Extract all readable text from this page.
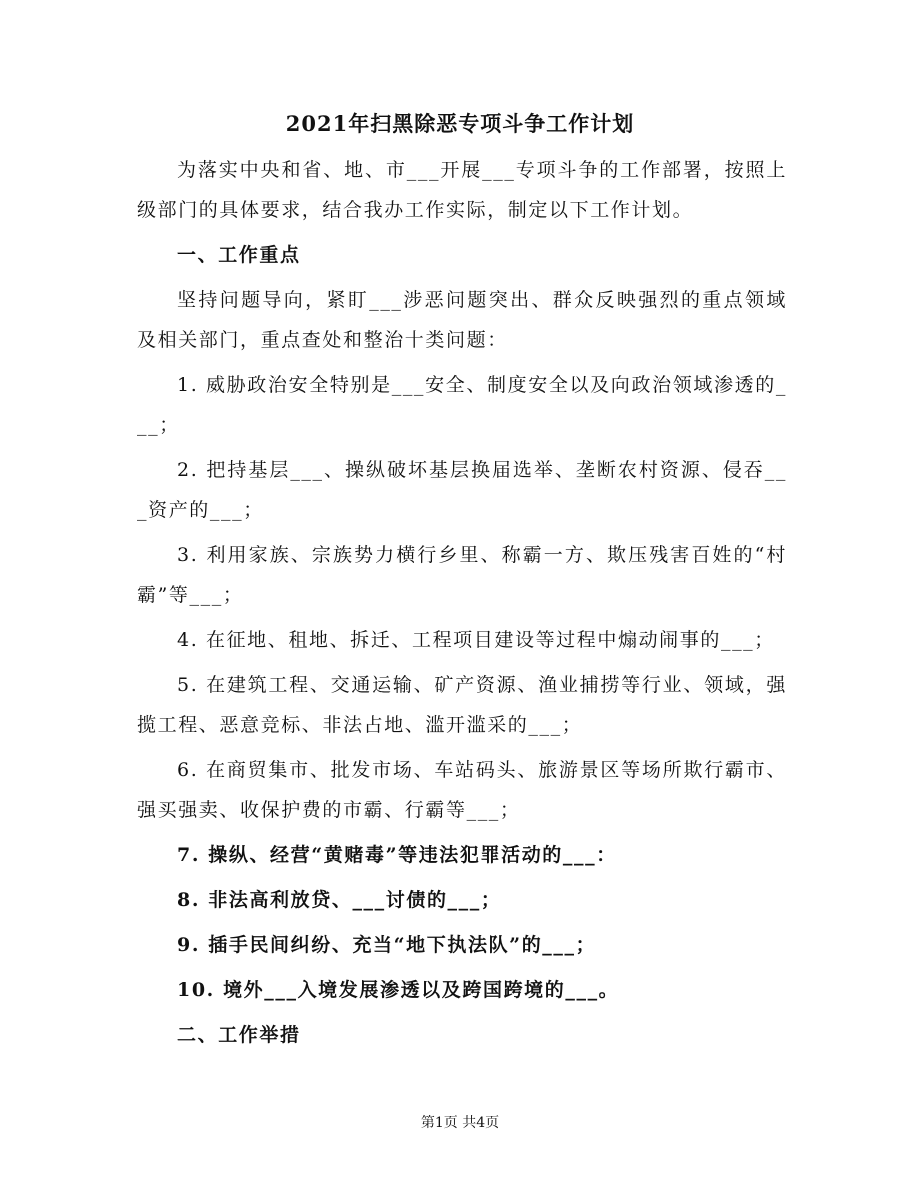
2021年扫黑除恶专项斗争工作计划

为落实中央和省、地、市___开展___专项斗争的工作部署，按照上级部门的具体要求，结合我办工作实际，制定以下工作计划。

一、工作重点

坚持问题导向，紧盯___涉恶问题突出、群众反映强烈的重点领域及相关部门，重点查处和整治十类问题：

1. 威胁政治安全特别是___安全、制度安全以及向政治领域渗透的___；

2. 把持基层___、操纵破坏基层换届选举、垄断农村资源、侵吞___资产的___；

3. 利用家族、宗族势力横行乡里、称霸一方、欺压残害百姓的“村霸”等___；

4. 在征地、租地、拆迁、工程项目建设等过程中煽动闹事的___；

5. 在建筑工程、交通运输、矿产资源、渔业捕捞等行业、领域，强揽工程、恶意竞标、非法占地、滥开滥采的___；

6. 在商贸集市、批发市场、车站码头、旅游景区等场所欺行霸市、强买强卖、收保护费的市霸、行霸等___；

7. 操纵、经营“黄赌毒”等违法犯罪活动的___：

8. 非法高利放贷、___讨债的___；

9. 插手民间纠纷、充当“地下执法队”的___；

10. 境外___入境发展渗透以及跨国跨境的___。

二、工作举措

第1页 共4页
